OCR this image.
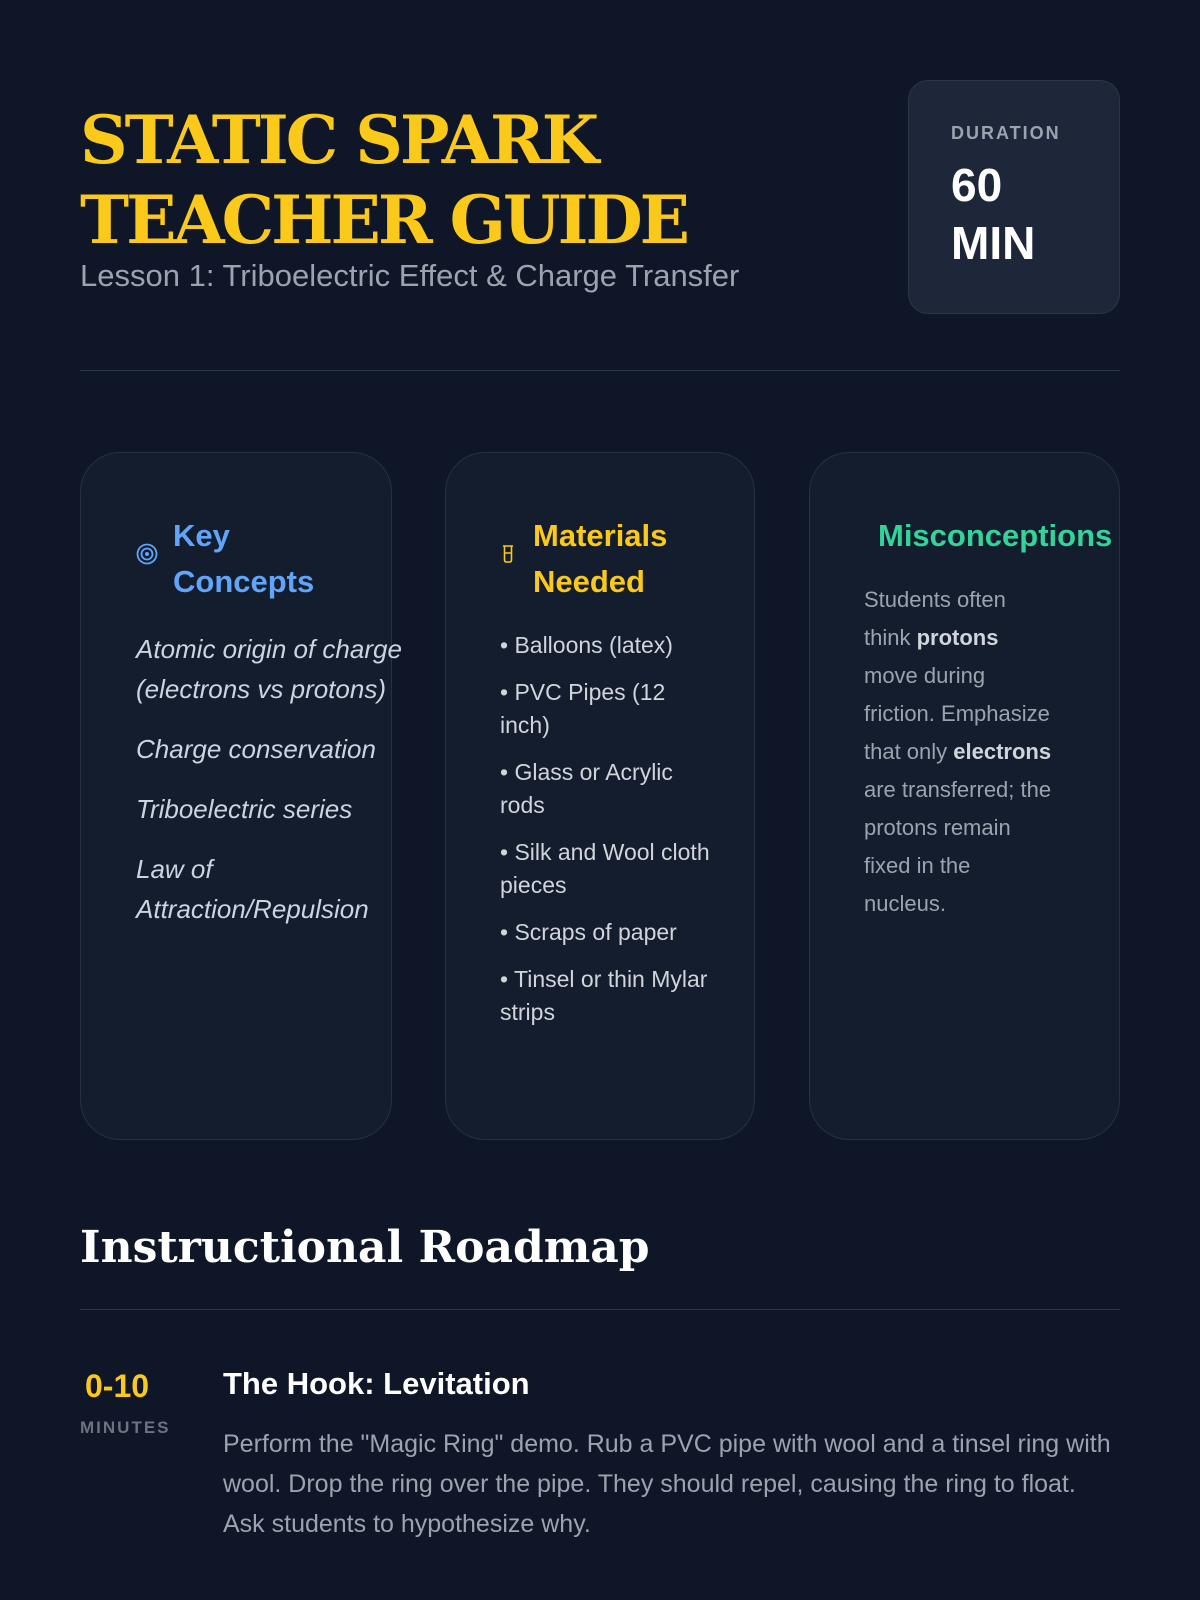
STATIC SPARK
TEACHER GUIDE

Lesson 1: Triboelectric Effect & Charge Transfer

DURATION
60 MIN
Key Concepts
Atomic origin of charge (electrons vs protons)
Charge conservation
Triboelectric series
Law of Attraction/Repulsion
Materials Needed
• Balloons (latex)
• PVC Pipes (12 inch)
• Glass or Acrylic rods
• Silk and Wool cloth pieces
• Scraps of paper
• Tinsel or thin Mylar strips
Misconceptions

Students often think protons move during friction. Emphasize that only electrons are transferred; the protons remain fixed in the nucleus.

Instructional Roadmap
0-10
MINUTES
The Hook: Levitation

Perform the "Magic Ring" demo. Rub a PVC pipe with wool and a tinsel ring with wool. Drop the ring over the pipe. They should repel, causing the ring to float. Ask students to hypothesize why.
